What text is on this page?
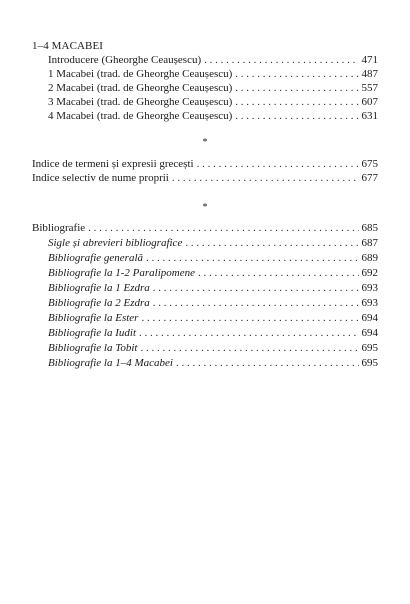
1–4 MACABEI
Introducere (Gheorghe Ceaușescu) . . .	471
1 Macabei (trad. de Gheorghe Ceaușescu) . . .	487
2 Macabei (trad. de Gheorghe Ceaușescu) . . .	557
3 Macabei (trad. de Gheorghe Ceaușescu) . . .	607
4 Macabei (trad. de Gheorghe Ceaușescu) . . .	631
*
Indice de termeni și expresii grecești . . .	675
Indice selectiv de nume proprii . . .	677
*
Bibliografie . . .	685
Sigle și abrevieri bibliografice . . .	687
Bibliografie generală . . .	689
Bibliografie la 1-2 Paralipomene . . .	692
Bibliografie la 1 Ezdra . . .	693
Bibliografie la 2 Ezdra . . .	693
Bibliografie la Ester . . .	694
Bibliografie la Iudit . . .	694
Bibliografie la Tobit . . .	695
Bibliografie la 1–4 Macabei . . .	695
